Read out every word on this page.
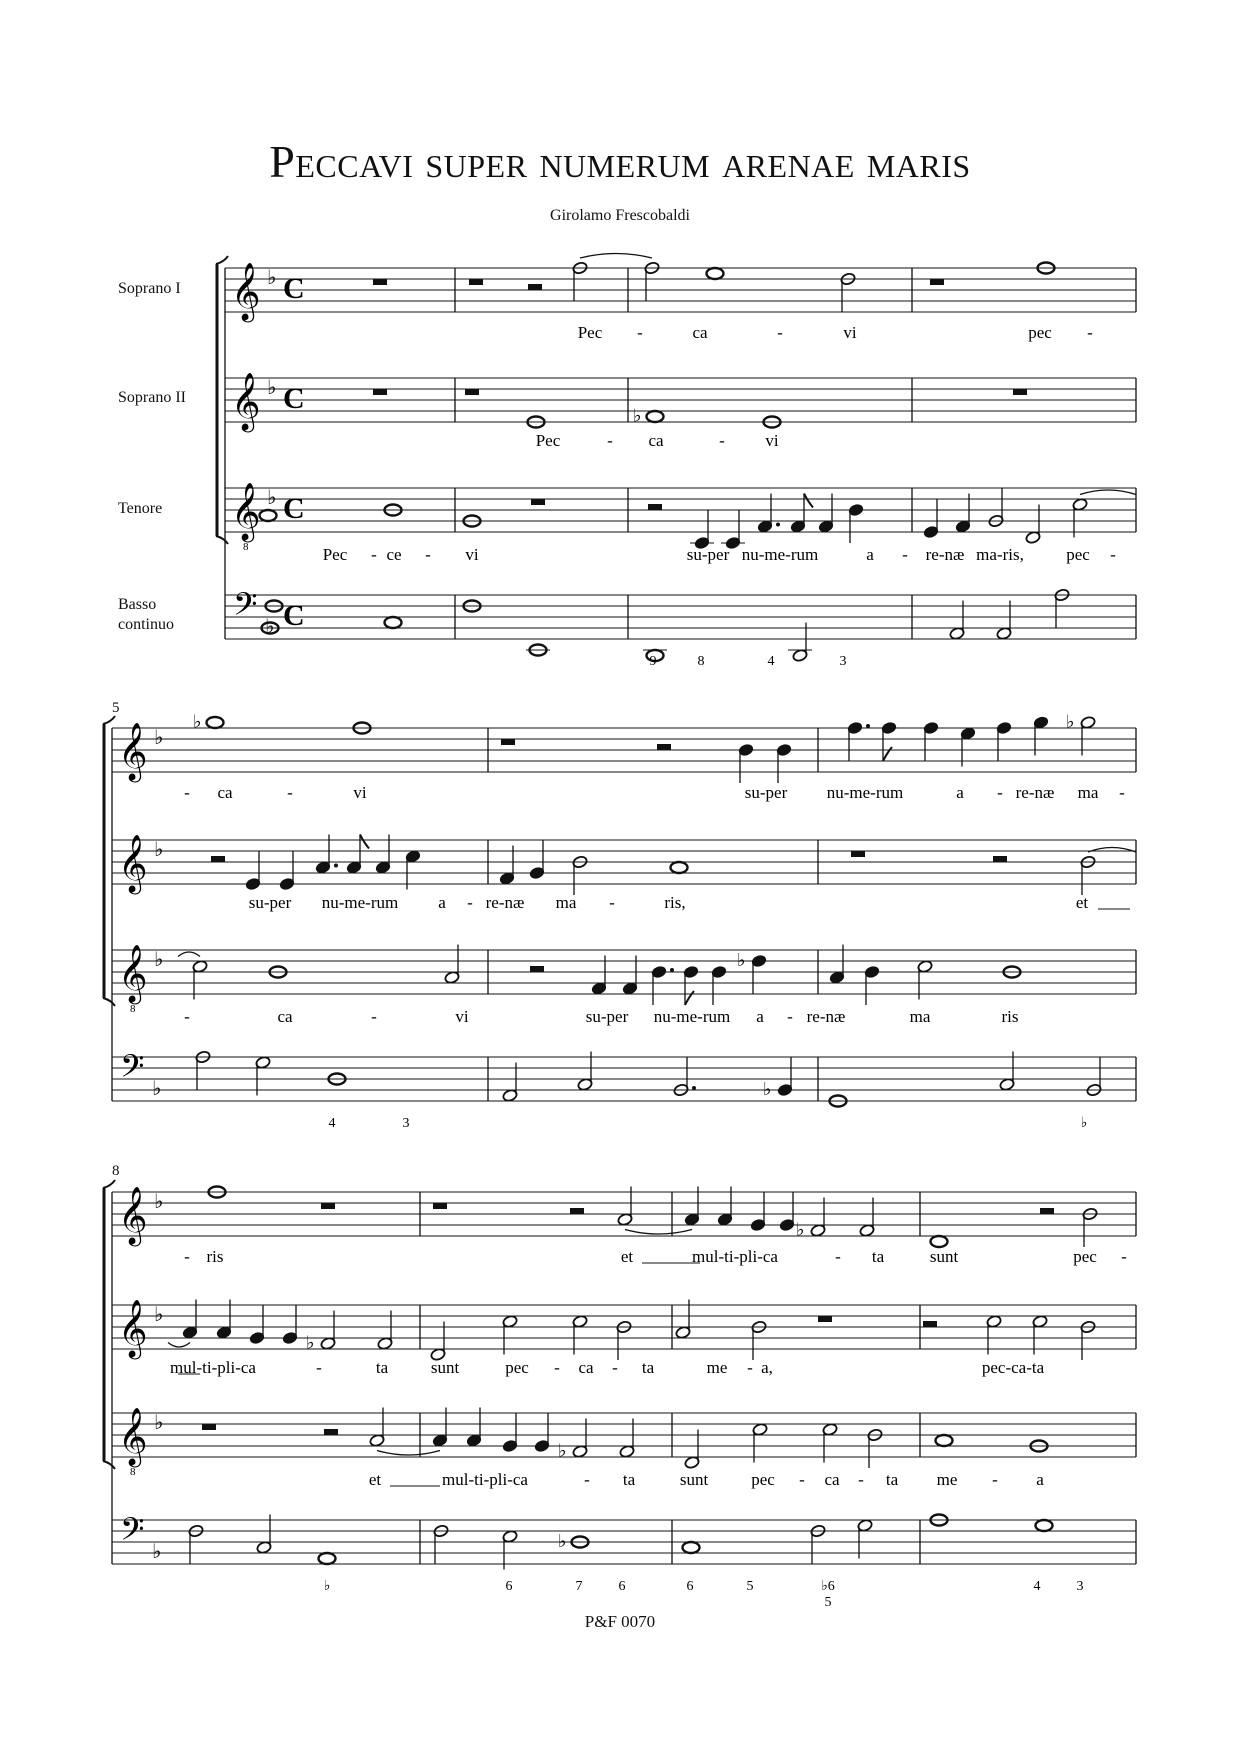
Peccavi super numerum arenae maris
Girolamo Frescobaldi
Soprano I
Soprano II
Tenore
Basso continuo
5
8
𝄞 ♭ C
Pec -	ca	-	vi	pec -
𝄞 ♭ C
♭
Pec	- ca	- vi
𝄞
8
♭ C
Pec - ce - vi	su-per nu-me-rum	a - re-næ ma-ris, pec -
𝄢 ♭ C
9	8	4	3
𝄞 ♭
♭	♭
- ca	-	vi	su-per nu-me-rum	a - re-næ ma -
𝄞 ♭
su-per nu-me-rum a - re-næ ma -	ris,	et
𝄞
8
♭	♭
-	ca	-	vi	su-per nu-me-rum a - re-næ	ma	ris
𝄢 ♭	♭
4	3	♭
𝄞 ♭
♭
- ris	et	mul-ti-pli-ca	- ta	sunt	pec -
𝄞 ♭
♭
mul-ti-pli-ca	-	ta	sunt	pec - ca - ta	me - a,	pec-ca-ta
𝄞
8
♭
♭
et	mul-ti-pli-ca	- ta	sunt	pec - ca - ta me - a
𝄢 ♭	♭
♭	6	7	6	6	5	♭6
5
4	3
P&F 0070
